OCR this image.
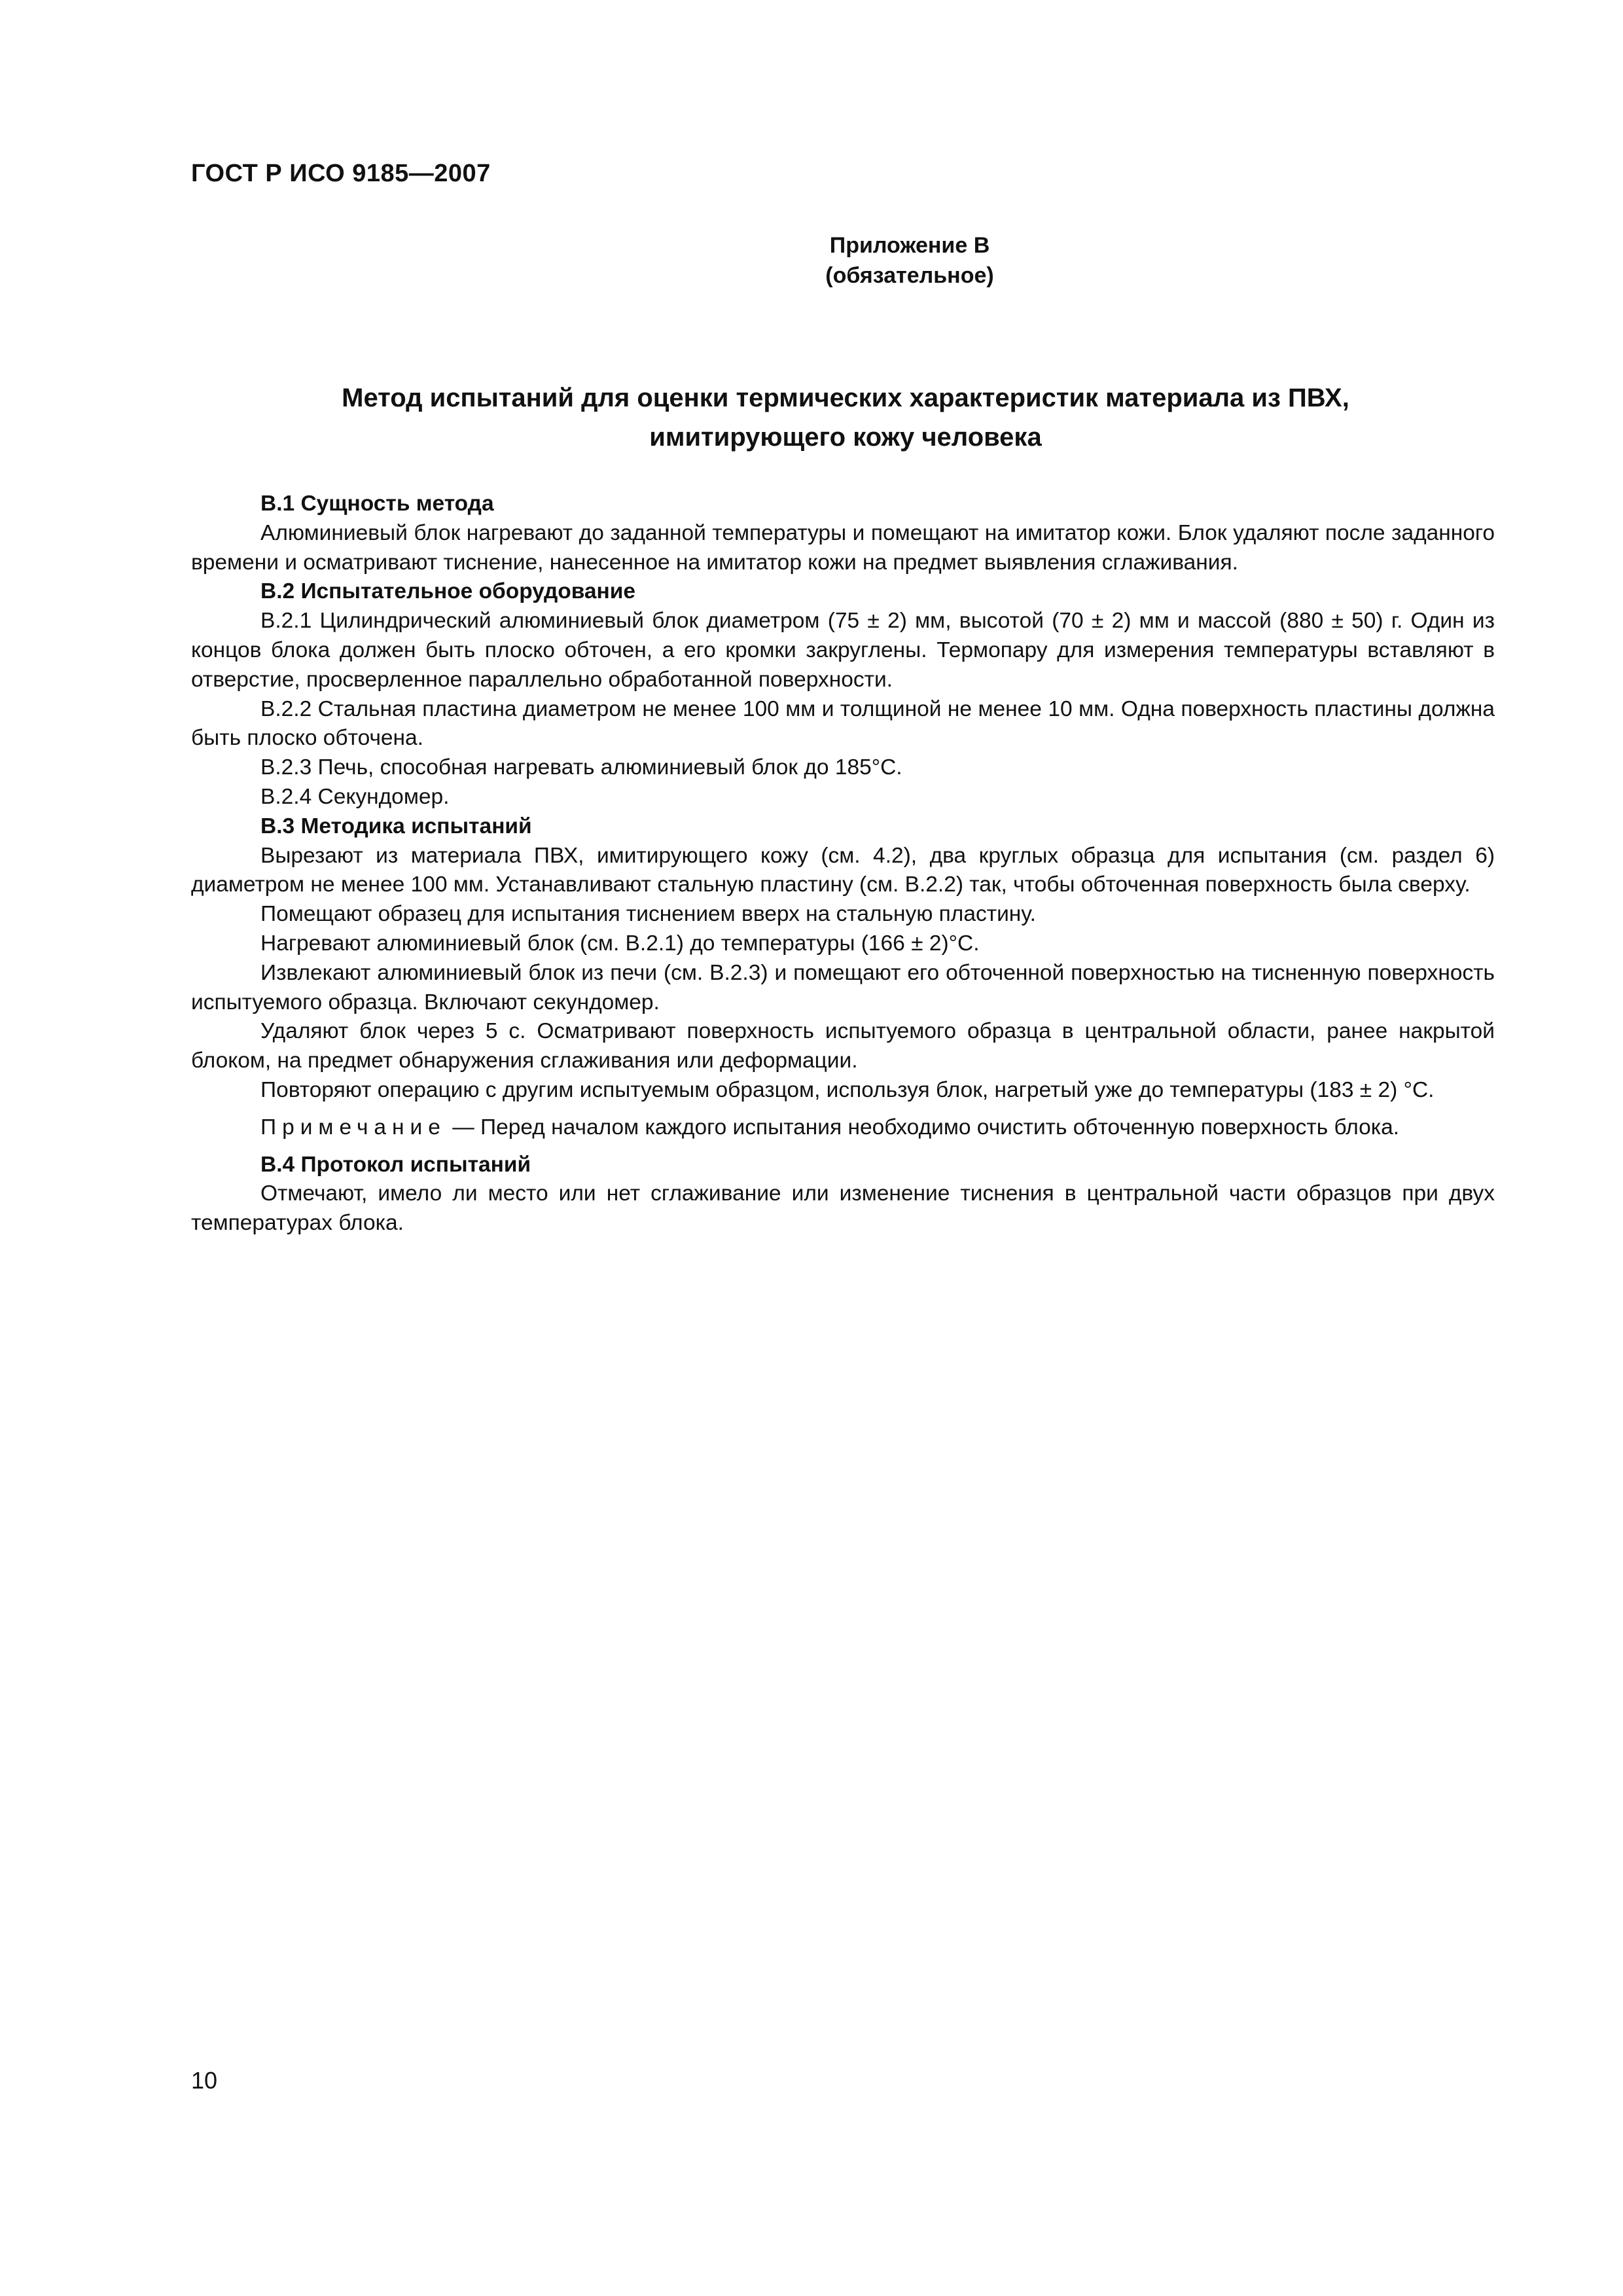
ГОСТ Р ИСО 9185—2007
Приложение В
(обязательное)
Метод испытаний для оценки термических характеристик материала из ПВХ,
имитирующего кожу человека

В.1 Сущность метода

Алюминиевый блок нагревают до заданной температуры и помещают на имитатор кожи. Блок удаляют после заданного времени и осматривают тиснение, нанесенное на имитатор кожи на предмет выявления сглаживания.

В.2 Испытательное оборудование

В.2.1 Цилиндрический алюминиевый блок диаметром (75 ± 2) мм, высотой (70 ± 2) мм и массой (880 ± 50) г. Один из концов блока должен быть плоско обточен, а его кромки закруглены. Термопару для измерения температуры вставляют в отверстие, просверленное параллельно обработанной поверхности.

В.2.2 Стальная пластина диаметром не менее 100 мм и толщиной не менее 10 мм. Одна поверхность пластины должна быть плоско обточена.

В.2.3 Печь, способная нагревать алюминиевый блок до 185°С.

В.2.4 Секундомер.

В.3 Методика испытаний

Вырезают из материала ПВХ, имитирующего кожу (см. 4.2), два круглых образца для испытания (см. раздел 6) диаметром не менее 100 мм. Устанавливают стальную пластину (см. В.2.2) так, чтобы обточенная поверхность была сверху.

Помещают образец для испытания тиснением вверх на стальную пластину.

Нагревают алюминиевый блок (см. В.2.1) до температуры (166 ± 2)°С.

Извлекают алюминиевый блок из печи (см. В.2.3) и помещают его обточенной поверхностью на тисненную поверхность испытуемого образца. Включают секундомер.

Удаляют блок через 5 с. Осматривают поверхность испытуемого образца в центральной области, ранее накрытой блоком, на предмет обнаружения сглаживания или деформации.

Повторяют операцию с другим испытуемым образцом, используя блок, нагретый уже до температуры (183 ± 2) °С.

Примечание — Перед началом каждого испытания необходимо очистить обточенную поверхность блока.

В.4 Протокол испытаний

Отмечают, имело ли место или нет сглаживание или изменение тиснения в центральной части образцов при двух температурах блока.

10
